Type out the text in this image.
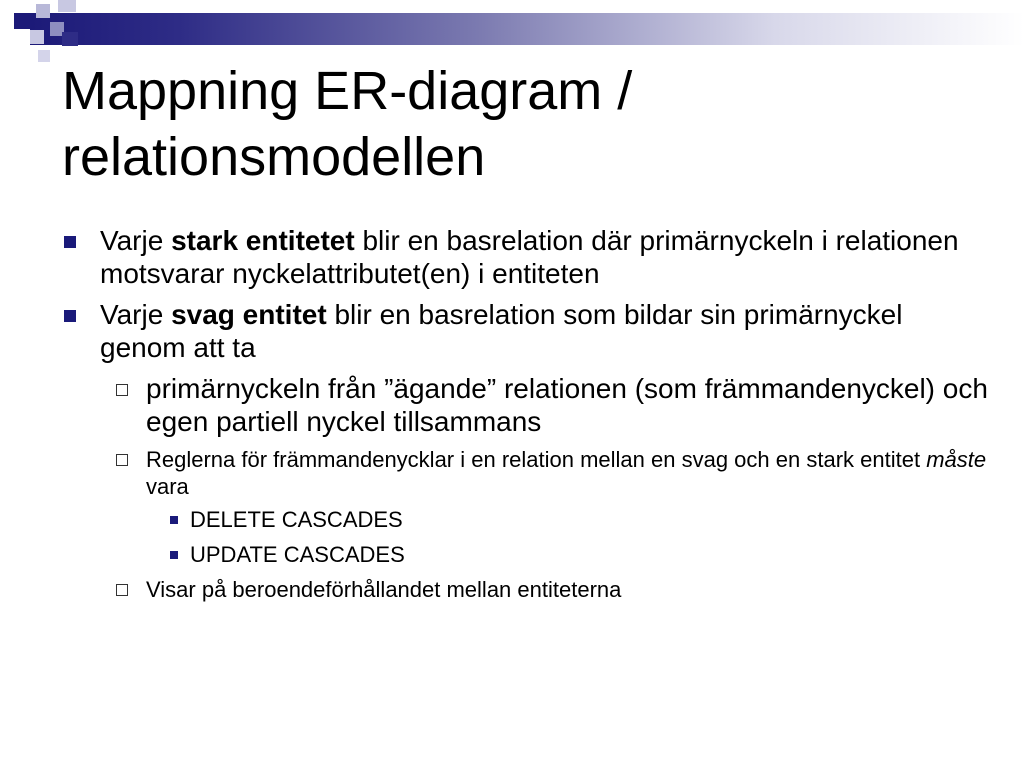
Mappning ER-diagram /
relationsmodellen
Varje stark entitetet blir en basrelation där primärnyckeln i relationen motsvarar nyckelattributet(en) i entiteten
Varje svag entitet blir en basrelation som bildar sin primärnyckel genom att ta
primärnyckeln från ”ägande” relationen (som främmandenyckel) och egen partiell nyckel tillsammans
Reglerna för främmandenycklar i en relation mellan en svag och en stark entitet måste vara
DELETE CASCADES
UPDATE CASCADES
Visar på beroendeförhållandet mellan entiteterna
